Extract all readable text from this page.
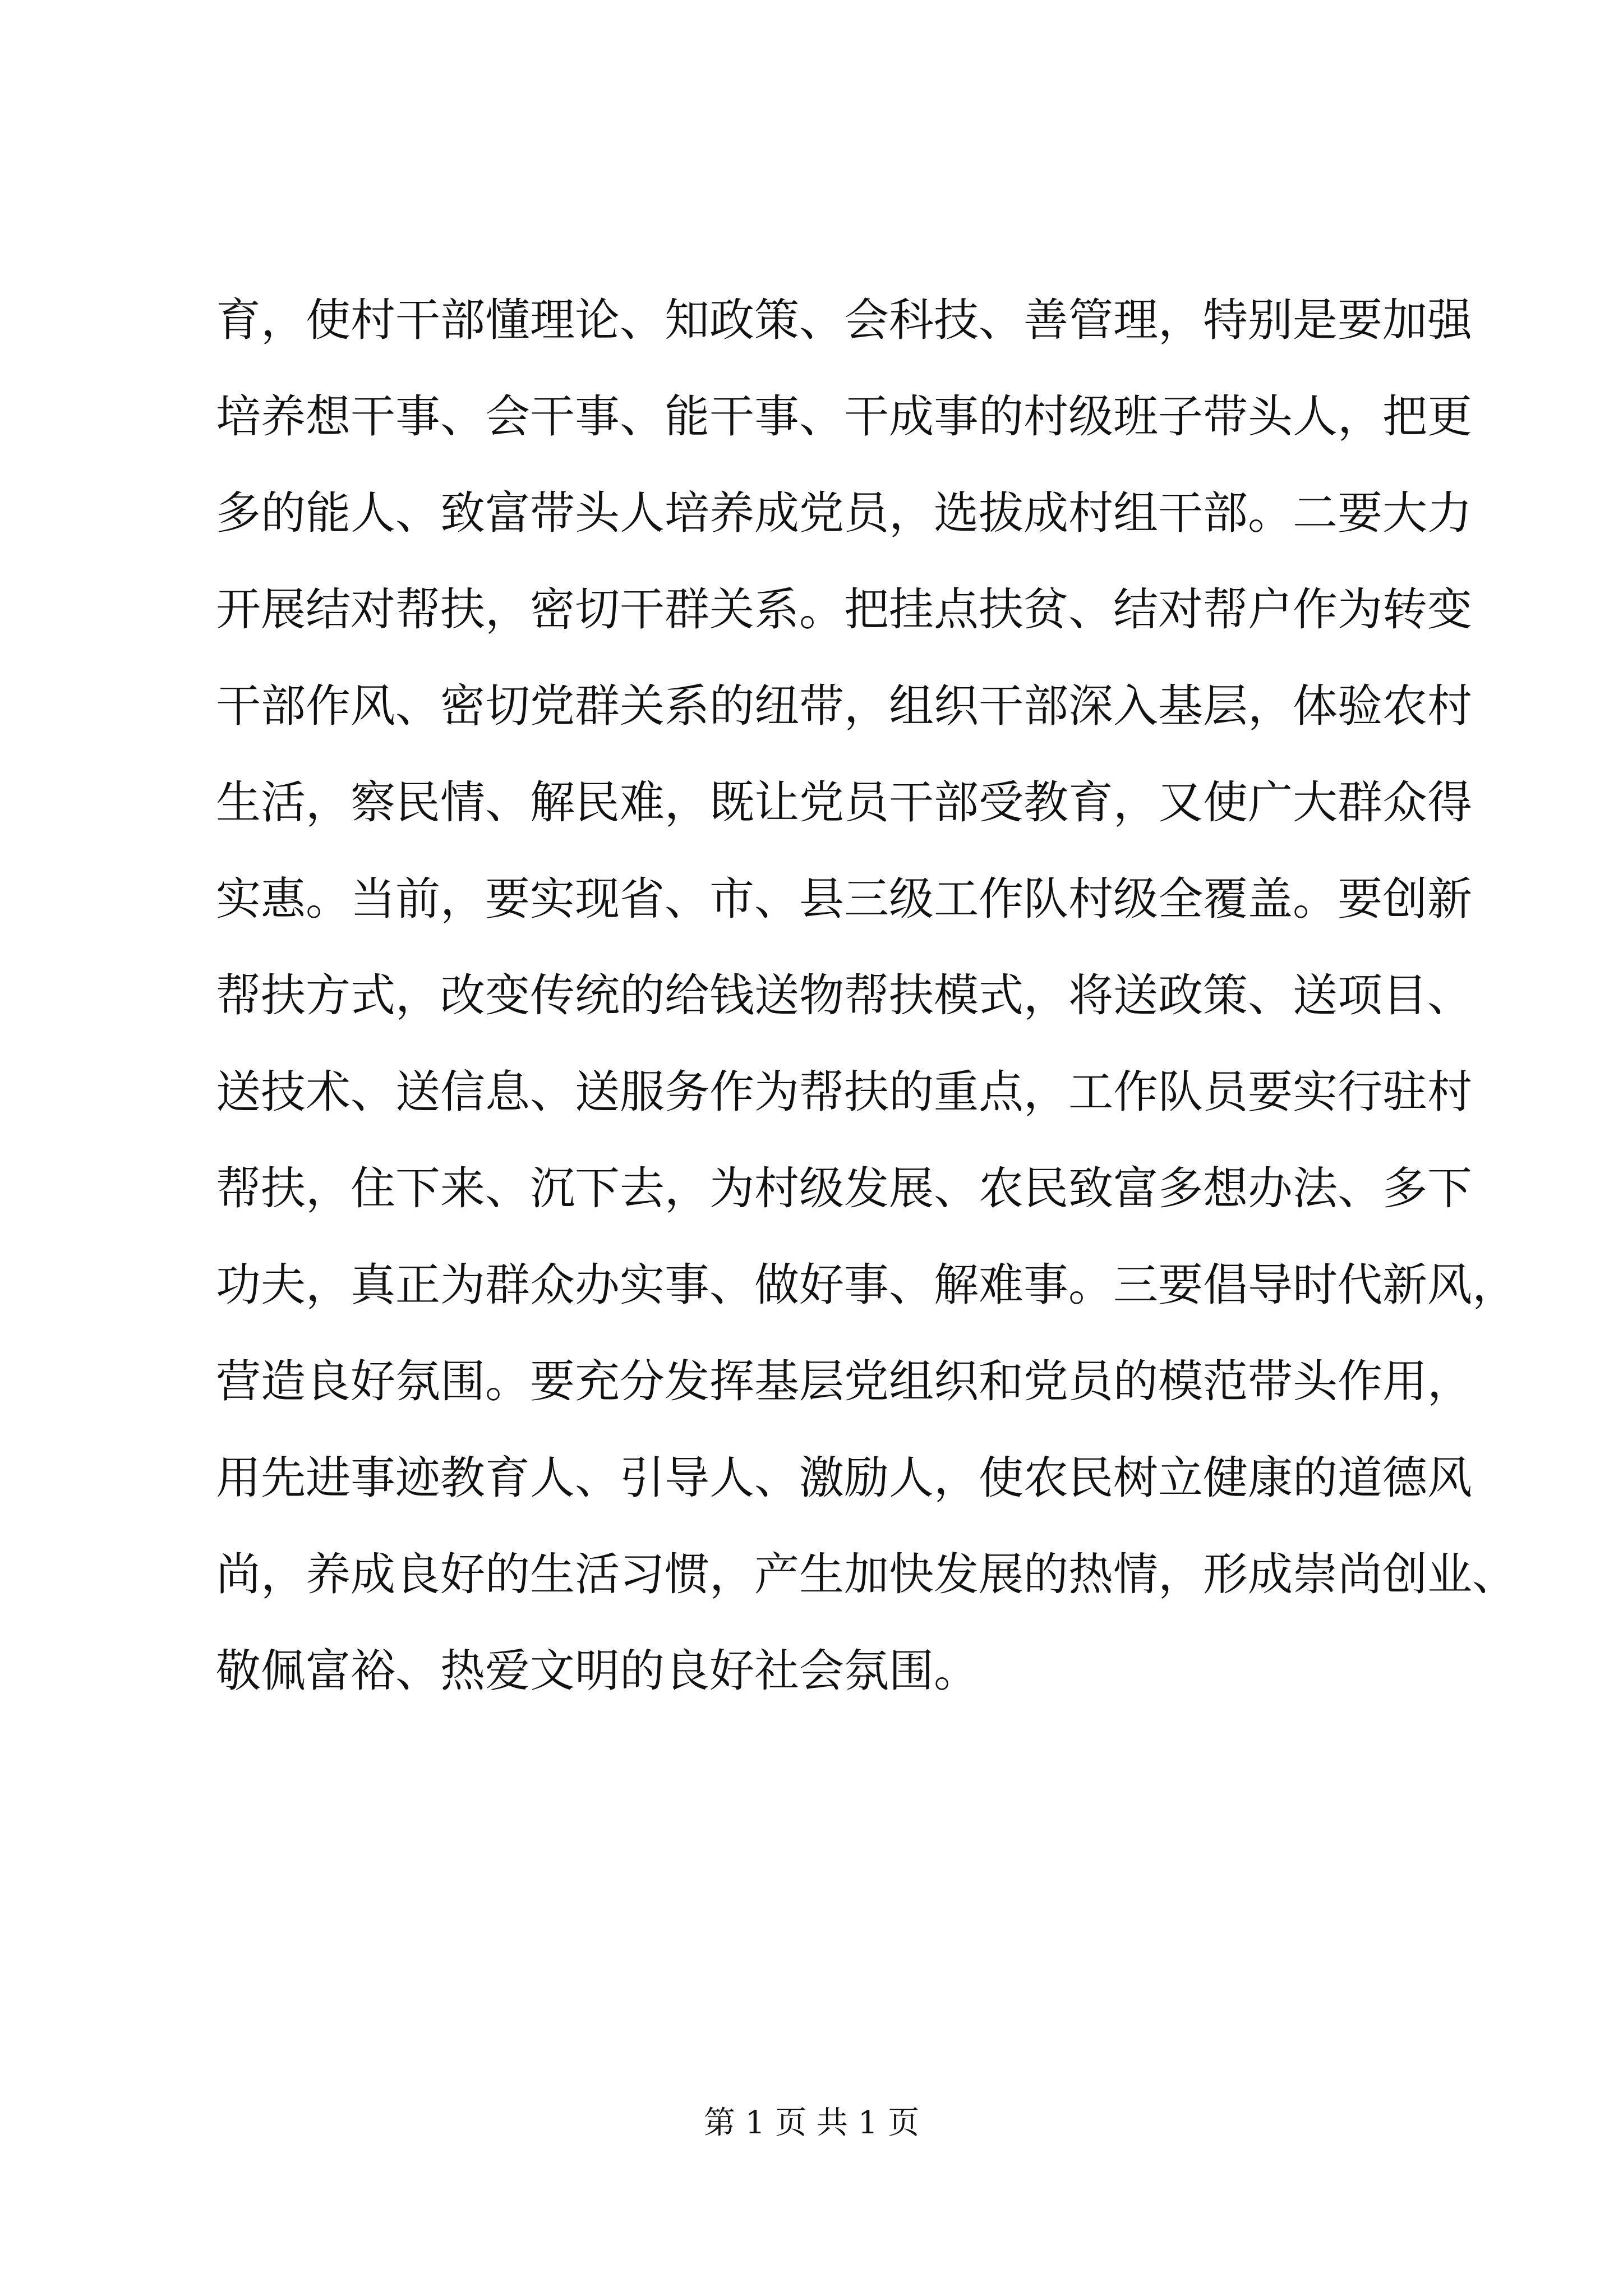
育，使村干部懂理论、知政策、会科技、善管理，特别是要加强
培养想干事、会干事、能干事、干成事的村级班子带头人，把更
多的能人、致富带头人培养成党员，选拔成村组干部。二要大力
开展结对帮扶，密切干群关系。把挂点扶贫、结对帮户作为转变
干部作风、密切党群关系的纽带，组织干部深入基层，体验农村
生活，察民情、解民难，既让党员干部受教育，又使广大群众得
实惠。当前，要实现省、市、县三级工作队村级全覆盖。要创新
帮扶方式，改变传统的给钱送物帮扶模式，将送政策、送项目、
送技术、送信息、送服务作为帮扶的重点，工作队员要实行驻村
帮扶，住下来、沉下去，为村级发展、农民致富多想办法、多下
功夫，真正为群众办实事、做好事、解难事。三要倡导时代新风，
营造良好氛围。要充分发挥基层党组织和党员的模范带头作用，
用先进事迹教育人、引导人、激励人，使农民树立健康的道德风
尚，养成良好的生活习惯，产生加快发展的热情，形成崇尚创业、
敬佩富裕、热爱文明的良好社会氛围。
第 1 页 共 1 页
